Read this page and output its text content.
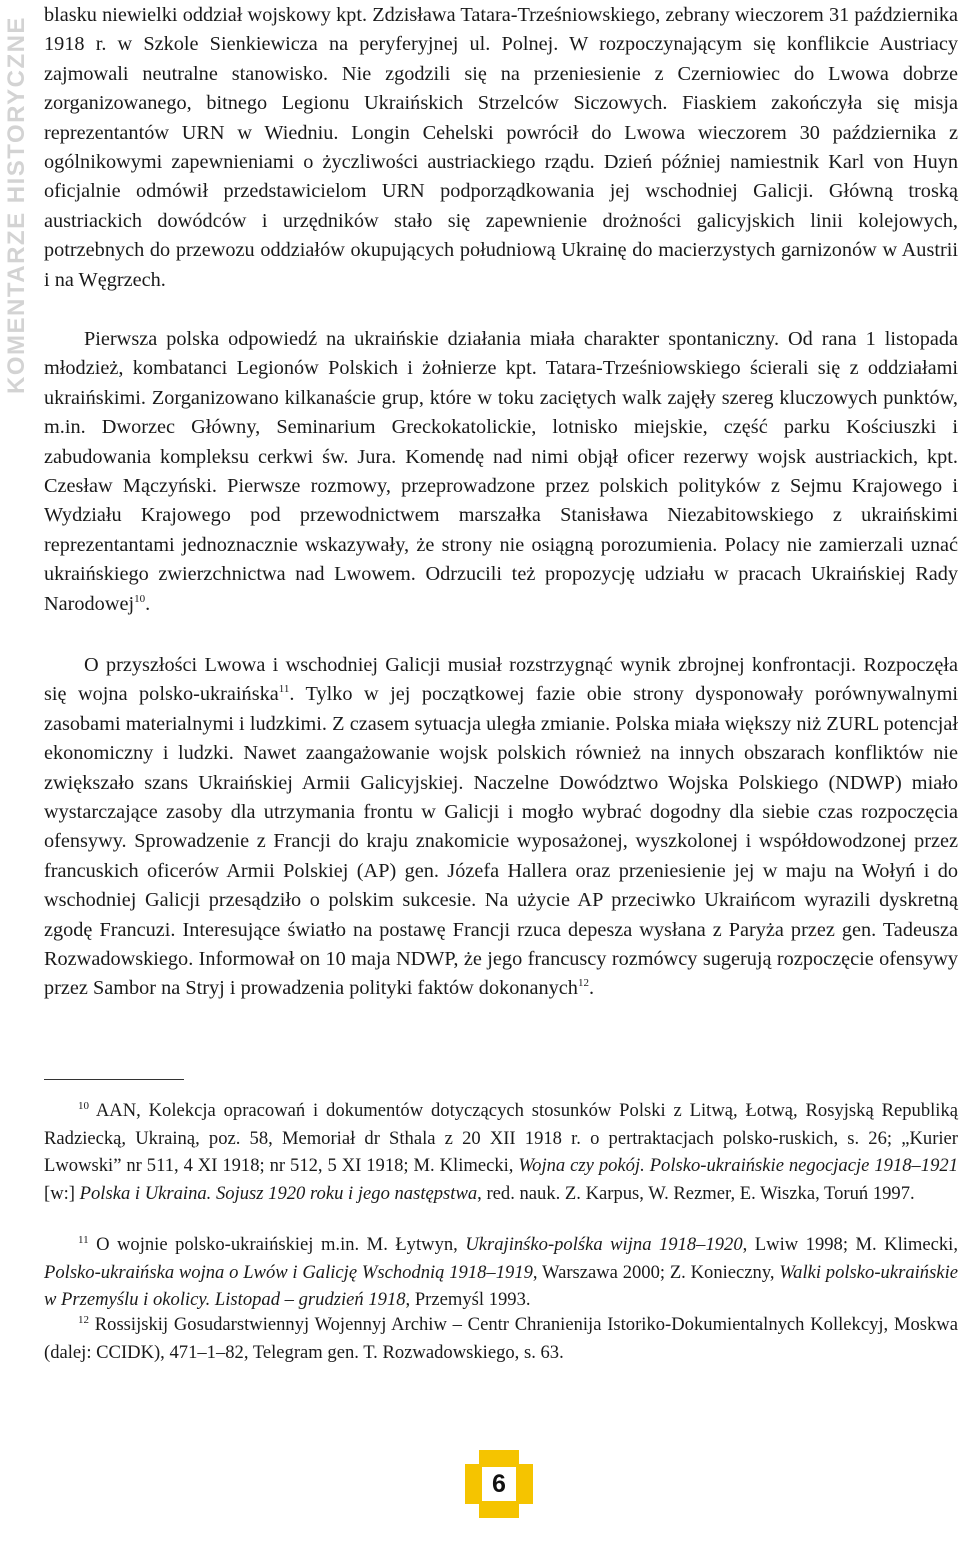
KOMENTARZE HISTORYCZNE

blasku niewielki oddział wojskowy kpt. Zdzisława Tatara-Trześniowskiego, zebrany wieczorem 31 października 1918 r. w Szkole Sienkiewicza na peryferyjnej ul. Polnej. W rozpoczynającym się konflikcie Austriacy zajmowali neutralne stanowisko. Nie zgodzili się na przeniesienie z Czerniowiec do Lwowa dobrze zorganizowanego, bitnego Legionu Ukraińskich Strzelców Siczowych. Fiaskiem zakończyła się misja reprezentantów URN w Wiedniu. Longin Cehelski powrócił do Lwowa wieczorem 30 października z ogólnikowymi zapewnieniami o życzliwości austriackiego rządu. Dzień później namiestnik Karl von Huyn oficjalnie odmówił przedstawicielom URN podporządkowania jej wschodniej Galicji. Główną troską austriackich dowódców i urzędników stało się zapewnienie drożności galicyjskich linii kolejowych, potrzebnych do przewozu oddziałów okupujących południową Ukrainę do macierzystych garnizonów w Austrii i na Węgrzech.

Pierwsza polska odpowiedź na ukraińskie działania miała charakter spontaniczny. Od rana 1 listopada młodzież, kombatanci Legionów Polskich i żołnierze kpt. Tatara-Trześniowskiego ścierali się z oddziałami ukraińskimi. Zorganizowano kilkanaście grup, które w toku zaciętych walk zajęły szereg kluczowych punktów, m.in. Dworzec Główny, Seminarium Greckokatolickie, lotnisko miejskie, część parku Kościuszki i zabudowania kompleksu cerkwi św. Jura. Komendę nad nimi objął oficer rezerwy wojsk austriackich, kpt. Czesław Mączyński. Pierwsze rozmowy, przeprowadzone przez polskich polityków z Sejmu Krajowego i Wydziału Krajowego pod przewodnictwem marszałka Stanisława Niezabitowskiego z ukraińskimi reprezentantami jednoznacznie wskazywały, że strony nie osiągną porozumienia. Polacy nie zamierzali uznać ukraińskiego zwierzchnictwa nad Lwowem. Odrzucili też propozycję udziału w pracach Ukraińskiej Rady Narodowej$^{10}$.

O przyszłości Lwowa i wschodniej Galicji musiał rozstrzygnąć wynik zbrojnej konfrontacji. Rozpoczęła się wojna polsko-ukraińska$^{11}$. Tylko w jej początkowej fazie obie strony dysponowały porównywalnymi zasobami materialnymi i ludzkimi. Z czasem sytuacja uległa zmianie. Polska miała większy niż ZURL potencjał ekonomiczny i ludzki. Nawet zaangażowanie wojsk polskich również na innych obszarach konfliktów nie zwiększało szans Ukraińskiej Armii Galicyjskiej. Naczelne Dowództwo Wojska Polskiego (NDWP) miało wystarczające zasoby dla utrzymania frontu w Galicji i mogło wybrać dogodny dla siebie czas rozpoczęcia ofensywy. Sprowadzenie z Francji do kraju znakomicie wyposażonej, wyszkolonej i współdowodzonej przez francuskich oficerów Armii Polskiej (AP) gen. Józefa Hallera oraz przeniesienie jej w maju na Wołyń i do wschodniej Galicji przesądziło o polskim sukcesie. Na użycie AP przeciwko Ukraińcom wyrazili dyskretną zgodę Francuzi. Interesujące światło na postawę Francji rzuca depesza wysłana z Paryża przez gen. Tadeusza Rozwadowskiego. Informował on 10 maja NDWP, że jego francuscy rozmówcy sugerują rozpoczęcie ofensywy przez Sambor na Stryj i prowadzenia polityki faktów dokonanych$^{12}$.

$^{10}$ AAN, Kolekcja opracowań i dokumentów dotyczących stosunków Polski z Litwą, Łotwą, Rosyjską Republiką Radziecką, Ukrainą, poz. 58, Memoriał dr Sthala z 20 XII 1918 r. o pertraktacjach polsko-ruskich, s. 26; „Kurier Lwowski” nr 511, 4 XI 1918; nr 512, 5 XI 1918; M. Klimecki, Wojna czy pokój. Polsko-ukraińskie negocjacje 1918–1921 [w:] Polska i Ukraina. Sojusz 1920 roku i jego następstwa, red. nauk. Z. Karpus, W. Rezmer, E. Wiszka, Toruń 1997.

$^{11}$ O wojnie polsko-ukraińskiej m.in. M. Łytwyn, Ukrajinśko-polśka wijna 1918–1920, Lwiw 1998; M. Klimecki, Polsko-ukraińska wojna o Lwów i Galicję Wschodnią 1918–1919, Warszawa 2000; Z. Konieczny, Walki polsko-ukraińskie w Przemyślu i okolicy. Listopad – grudzień 1918, Przemyśl 1993.

$^{12}$ Rossijskij Gosudarstwiennyj Wojennyj Archiw – Centr Chranienija Istoriko-Dokumientalnych Kollekcyj, Moskwa (dalej: CCIDK), 471–1–82, Telegram gen. T. Rozwadowskiego, s. 63.

6
